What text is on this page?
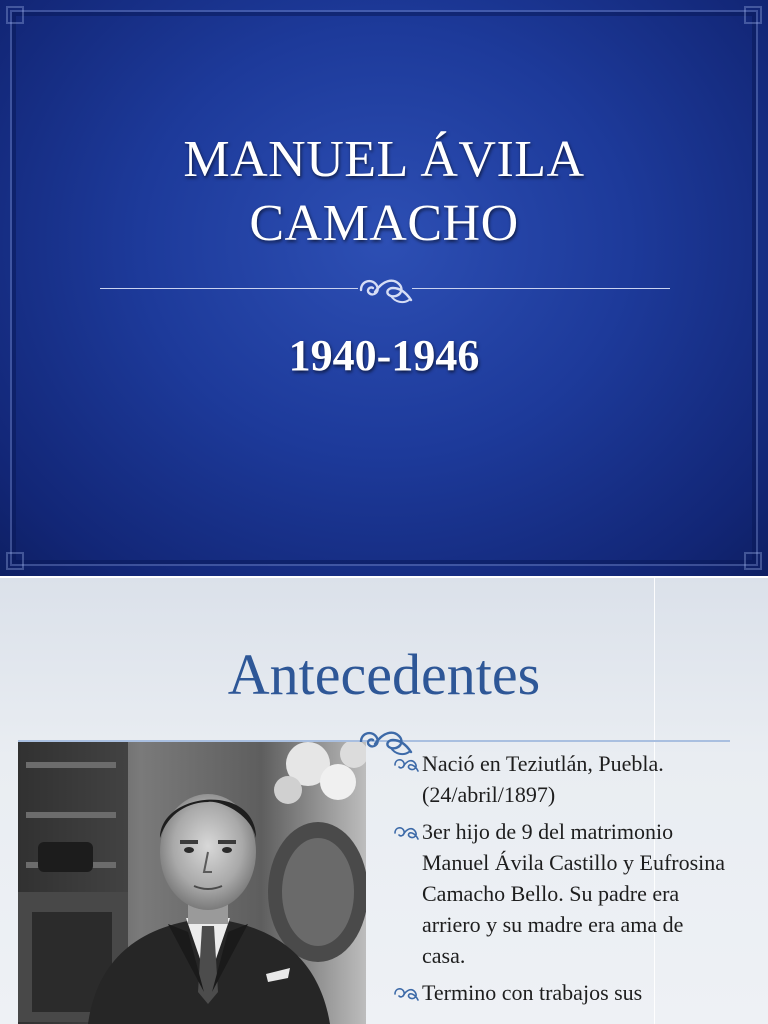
MANUEL ÁVILA
CAMACHO
1940-1946
Antecedentes
Nació en Teziutlán, Puebla. (24/abril/1897)
3er hijo de 9 del matrimonio Manuel Ávila Castillo y Eufrosina Camacho Bello. Su padre era arriero y su madre era ama de casa.
Termino con trabajos sus
